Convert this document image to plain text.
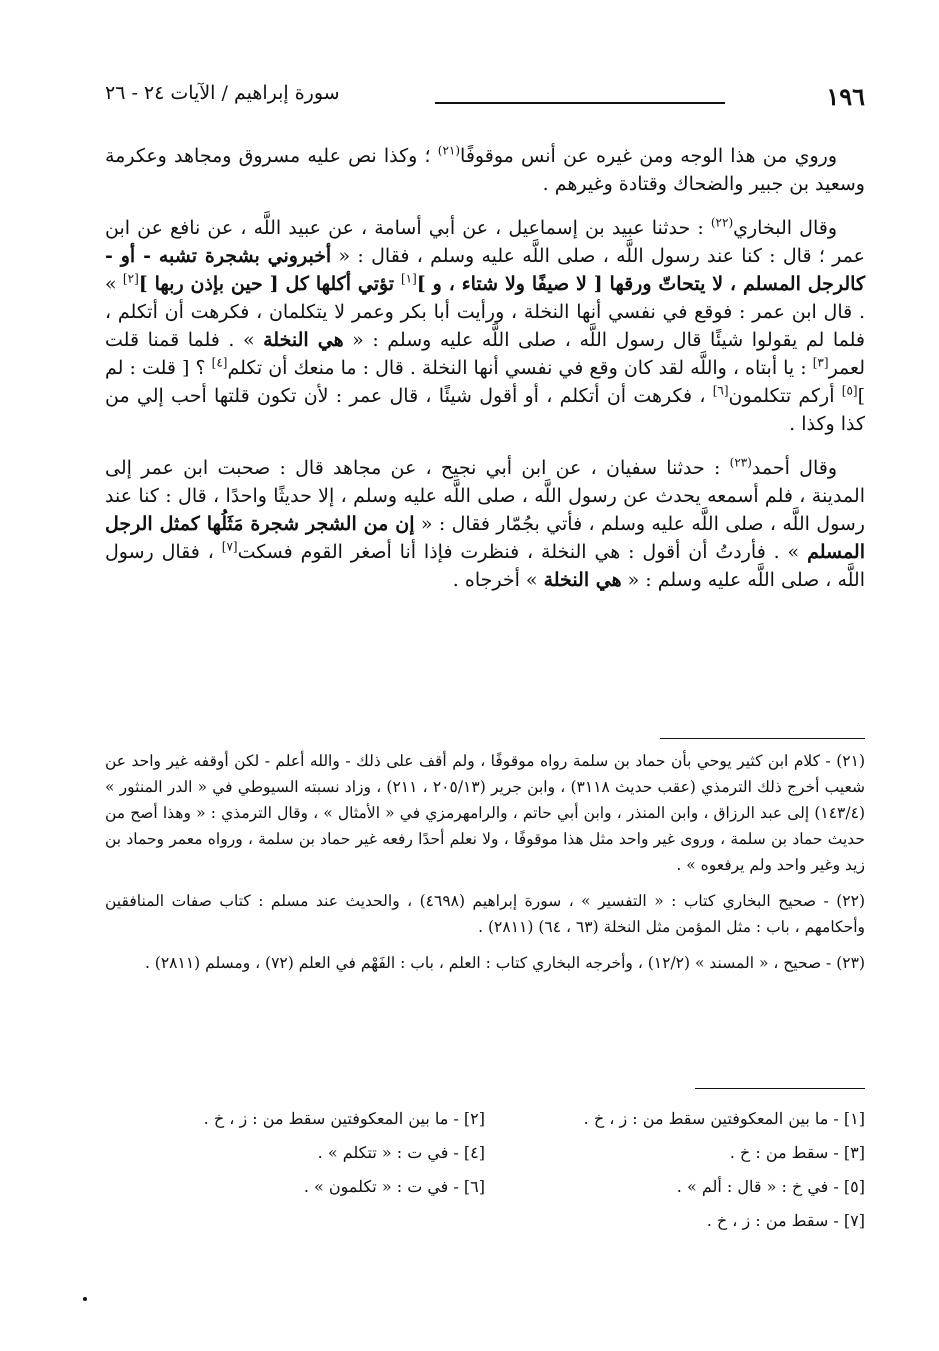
١٩٦
سورة إبراهيم / الآيات ٢٤ - ٢٦

وروي من هذا الوجه ومن غيره عن أنس موقوفًا$^{(٢١)}$ ؛ وكذا نص عليه مسروق ومجاهد وعكرمة وسعيد بن جبير والضحاك وقتادة وغيرهم .

وقال البخاري$^{(٢٢)}$ : حدثنا عبيد بن إسماعيل ، عن أبي أسامة ، عن عبيد اللَّه ، عن نافع عن ابن عمر ؛ قال : كنا عند رسول اللَّه ، صلى اللَّه عليه وسلم ، فقال : « أخبروني بشجرة تشبه - أو - كالرجل المسلم ، لا يتحاتّ ورقها [ لا صيفًا ولا شتاء ، و ][١] تؤتي أكلها كل [ حين بإذن ربها ][٢] » . قال ابن عمر : فوقع في نفسي أنها النخلة ، ورأيت أبا بكر وعمر لا يتكلمان ، فكرهت أن أتكلم ، فلما لم يقولوا شيئًا قال رسول اللَّه ، صلى اللَّه عليه وسلم : « هي النخلة » . فلما قمنا قلت لعمر[٣] : يا أبتاه ، واللَّه لقد كان وقع في نفسي أنها النخلة . قال : ما منعك أن تكلم[٤] ؟ [ قلت : لم ][٥] أركم تتكلمون[٦] ، فكرهت أن أتكلم ، أو أقول شيئًا ، قال عمر : لأن تكون قلتها أحب إلي من كذا وكذا .

وقال أحمد$^{(٢٣)}$ : حدثنا سفيان ، عن ابن أبي نجيح ، عن مجاهد قال : صحبت ابن عمر إلى المدينة ، فلم أسمعه يحدث عن رسول اللَّه ، صلى اللَّه عليه وسلم ، إلا حديثًا واحدًا ، قال : كنا عند رسول اللَّه ، صلى اللَّه عليه وسلم ، فأتي بجُمّار فقال : « إن من الشجر شجرة مَثَلُها كمثل الرجل المسلم » . فأردتُ أن أقول : هي النخلة ، فنظرت فإذا أنا أصغر القوم فسكت[٧] ، فقال رسول اللَّه ، صلى اللَّه عليه وسلم : « هي النخلة » أخرجاه .

(٢١) - كلام ابن كثير يوحي بأن حماد بن سلمة رواه موقوفًا ، ولم أقف على ذلك - والله أعلم - لكن أوقفه غير واحد عن شعيب أخرج ذلك الترمذي (عقب حديث ٣١١٨) ، وابن جرير (٢٠٥/١٣ ، ٢١١) ، وزاد نسبته السيوطي في « الدر المنثور » (١٤٣/٤) إلى عبد الرزاق ، وابن المنذر ، وابن أبي حاتم ، والرامهرمزي في « الأمثال » ، وقال الترمذي : « وهذا أصح من حديث حماد بن سلمة ، وروى غير واحد مثل هذا موقوفًا ، ولا نعلم أحدًا رفعه غير حماد بن سلمة ، ورواه معمر وحماد بن زيد وغير واحد ولم يرفعوه » .

(٢٢) - صحيح البخاري كتاب : « التفسير » ، سورة إبراهيم (٤٦٩٨) ، والحديث عند مسلم : كتاب صفات المنافقين وأحكامهم ، باب : مثل المؤمن مثل النخلة (٦٣ ، ٦٤) (٢٨١١) .

(٢٣) - صحيح ، « المسند » (١٢/٢) ، وأخرجه البخاري كتاب : العلم ، باب : الفَهْم في العلم (٧٢) ، ومسلم (٢٨١١) .

[١] - ما بين المعكوفتين سقط من : ز ، خ .
[٢] - ما بين المعكوفتين سقط من : ز ، خ .
[٣] - سقط من : خ .
[٤] - في ت : « تتكلم » .
[٥] - في خ : « قال : ألم » .
[٦] - في ت : « تكلمون » .
[٧] - سقط من : ز ، خ .
